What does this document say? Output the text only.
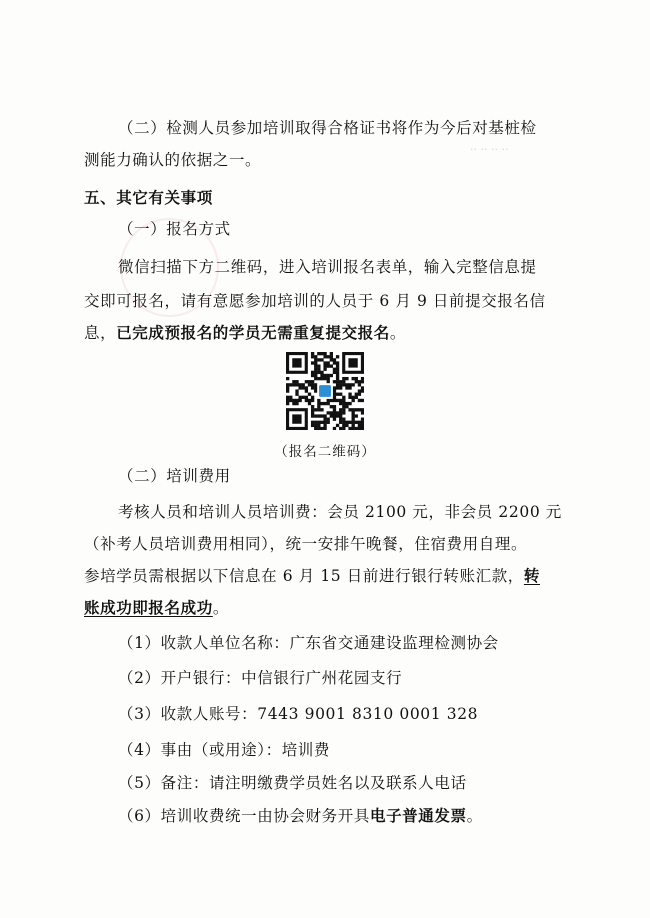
·· ·· ·· ··
（二）检测人员参加培训取得合格证书将作为今后对基桩检
测能力确认的依据之一。
五、其它有关事项
（一）报名方式
微信扫描下方二维码，进入培训报名表单，输入完整信息提
交即可报名，请有意愿参加培训的人员于 6 月 9 日前提交报名信
息，已完成预报名的学员无需重复提交报名。
（报名二维码）
（二）培训费用
考核人员和培训人员培训费：会员 2100 元，非会员 2200 元
（补考人员培训费用相同），统一安排午晚餐，住宿费用自理。
参培学员需根据以下信息在 6 月 15 日前进行银行转账汇款，转
账成功即报名成功。
（1）收款人单位名称：广东省交通建设监理检测协会
（2）开户银行：中信银行广州花园支行
（3）收款人账号：7443 9001 8310 0001 328
（4）事由（或用途）：培训费
（5）备注：请注明缴费学员姓名以及联系人电话
（6）培训收费统一由协会财务开具电子普通发票。
